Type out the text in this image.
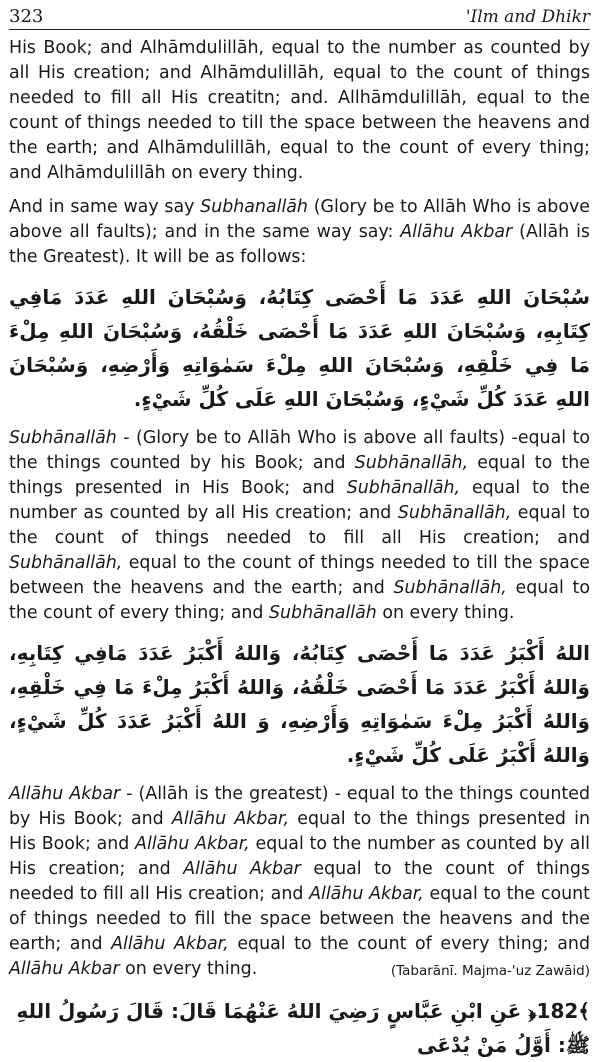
323	'Ilm and Dhikr

His Book; and Alhāmdulillāh, equal to the number as counted by all His creation; and Alhāmdulillāh, equal to the count of things needed to fill all His creatitn; and. Allhāmdulillāh, equal to the count of things needed to till the space between the heavens and the earth; and Alhāmdulillāh, equal to the count of every thing; and Alhāmdulillāh on every thing.

And in same way say Subhanallāh (Glory be to Allāh Who is above above all faults); and in the same way say: Allāhu Akbar (Allāh is the Greatest). It will be as follows:

سُبْحَانَ اللهِ عَدَدَ مَا أَحْصَى كِتَابُهُ، وَسُبْحَانَ اللهِ عَدَدَ مَافِي كِتَابِهِ، وَسُبْحَانَ اللهِ عَدَدَ مَا أَحْصَى خَلْقُهُ، وَسُبْحَانَ اللهِ مِلْءَ مَا فِي خَلْقِهِ، وَسُبْحَانَ اللهِ مِلْءَ سَمٰوَاتِهِ وَأَرْضِهِ، وَسُبْحَانَ اللهِ عَدَدَ كُلِّ شَيْءٍ، وَسُبْحَانَ اللهِ عَلَى كُلِّ شَيْءٍ.

Subhānallāh - (Glory be to Allāh Who is above all faults) -equal to the things counted by his Book; and Subhānallāh, equal to the things presented in His Book; and Subhānallāh, equal to the number as counted by all His creation; and Subhānallāh, equal to the count of things needed to fill all His creation; and Subhānallāh, equal to the count of things needed to till the space between the heavens and the earth; and Subhānallāh, equal to the count of every thing; and Subhānallāh on every thing.

اللهُ أَكْبَرُ عَدَدَ مَا أَحْصَى كِتَابُهُ، وَاللهُ أَكْبَرُ عَدَدَ مَافِي كِتَابِهِ، وَاللهُ أَكْبَرُ عَدَدَ مَا أَحْصَى خَلْقُهُ، وَاللهُ أَكْبَرُ مِلْءَ مَا فِي خَلْقِهِ، وَاللهُ أَكْبَرُ مِلْءَ سَمٰوَاتِهِ وَأَرْضِهِ، وَ اللهُ أَكْبَرُ عَدَدَ كُلِّ شَيْءٍ، وَاللهُ أَكْبَرُ عَلَى كُلِّ شَيْءٍ.

Allāhu Akbar - (Allāh is the greatest) - equal to the things counted by His Book; and Allāhu Akbar, equal to the things presented in His Book; and Allāhu Akbar, equal to the number as counted by all His creation; and Allāhu Akbar equal to the count of things needed to fill all His creation; and Allāhu Akbar, equal to the count of things needed to fill the space between the heavens and the earth; and Allāhu Akbar, equal to the count of every thing; and Allāhu Akbar on every thing.	(Tabarānī. Majma-'uz Zawāid)

﴾182﴿ عَنِ ابْنِ عَبَّاسٍ رَضِيَ اللهُ عَنْهُمَا قَالَ: قَالَ رَسُولُ اللهِ ﷺ: أَوَّلُ مَنْ يُدْعَى
